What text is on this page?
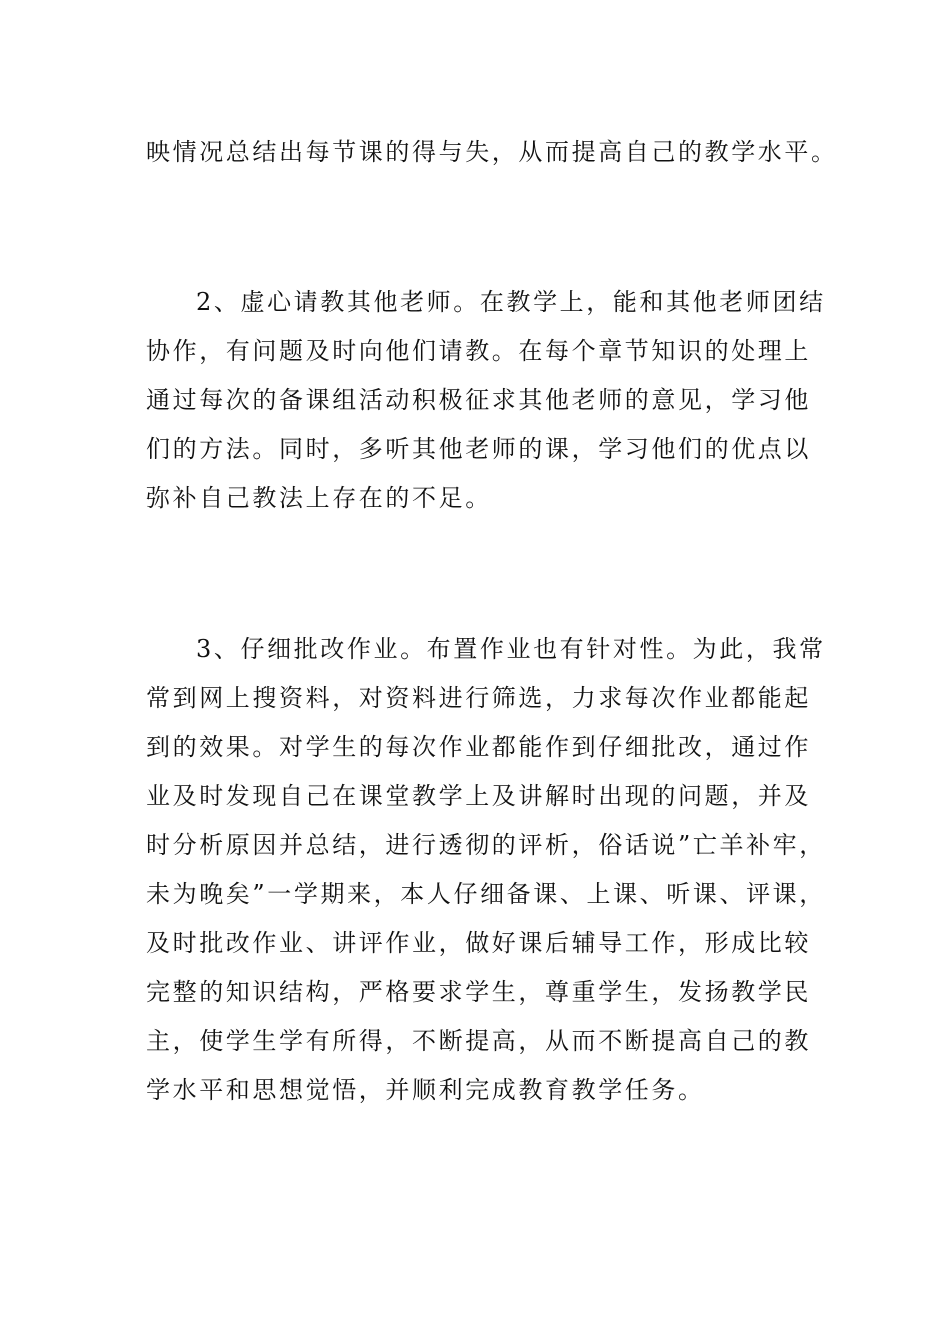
映情况总结出每节课的得与失，从而提高自己的教学水平。
2、虚心请教其他老师。在教学上，能和其他老师团结
协作，有问题及时向他们请教。在每个章节知识的处理上
通过每次的备课组活动积极征求其他老师的意见，学习他
们的方法。同时，多听其他老师的课，学习他们的优点以
弥补自己教法上存在的不足。
3、仔细批改作业。布置作业也有针对性。为此，我常
常到网上搜资料，对资料进行筛选，力求每次作业都能起
到的效果。对学生的每次作业都能作到仔细批改，通过作
业及时发现自己在课堂教学上及讲解时出现的问题，并及
时分析原因并总结，进行透彻的评析，俗话说”亡羊补牢，
未为晚矣”一学期来，本人仔细备课、上课、听课、评课，
及时批改作业、讲评作业，做好课后辅导工作，形成比较
完整的知识结构，严格要求学生，尊重学生，发扬教学民
主，使学生学有所得，不断提高，从而不断提高自己的教
学水平和思想觉悟，并顺利完成教育教学任务。
